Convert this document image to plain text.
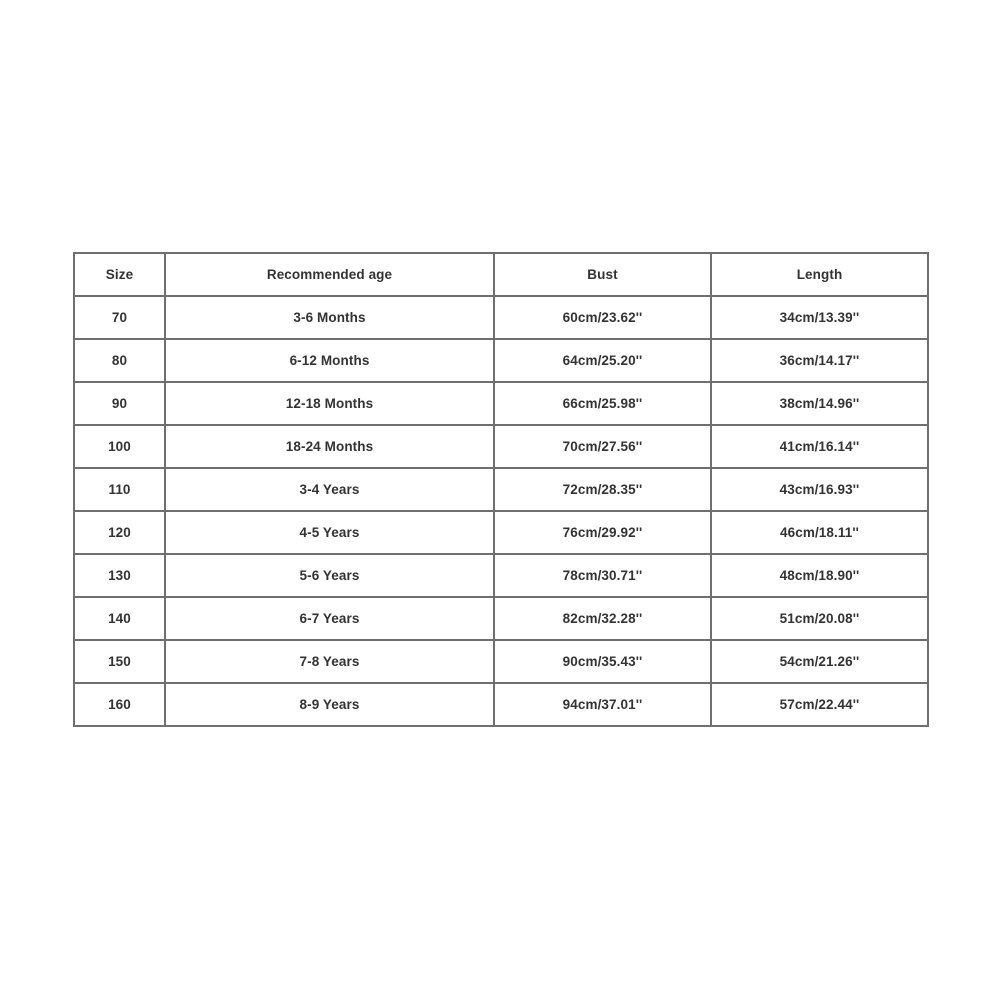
Size	Recommended age	Bust	Length
70	3-6 Months	60cm/23.62''	34cm/13.39''
80	6-12 Months	64cm/25.20''	36cm/14.17''
90	12-18 Months	66cm/25.98''	38cm/14.96''
100	18-24 Months	70cm/27.56''	41cm/16.14''
110	3-4 Years	72cm/28.35''	43cm/16.93''
120	4-5 Years	76cm/29.92''	46cm/18.11''
130	5-6 Years	78cm/30.71''	48cm/18.90''
140	6-7 Years	82cm/32.28''	51cm/20.08''
150	7-8 Years	90cm/35.43''	54cm/21.26''
160	8-9 Years	94cm/37.01''	57cm/22.44''
